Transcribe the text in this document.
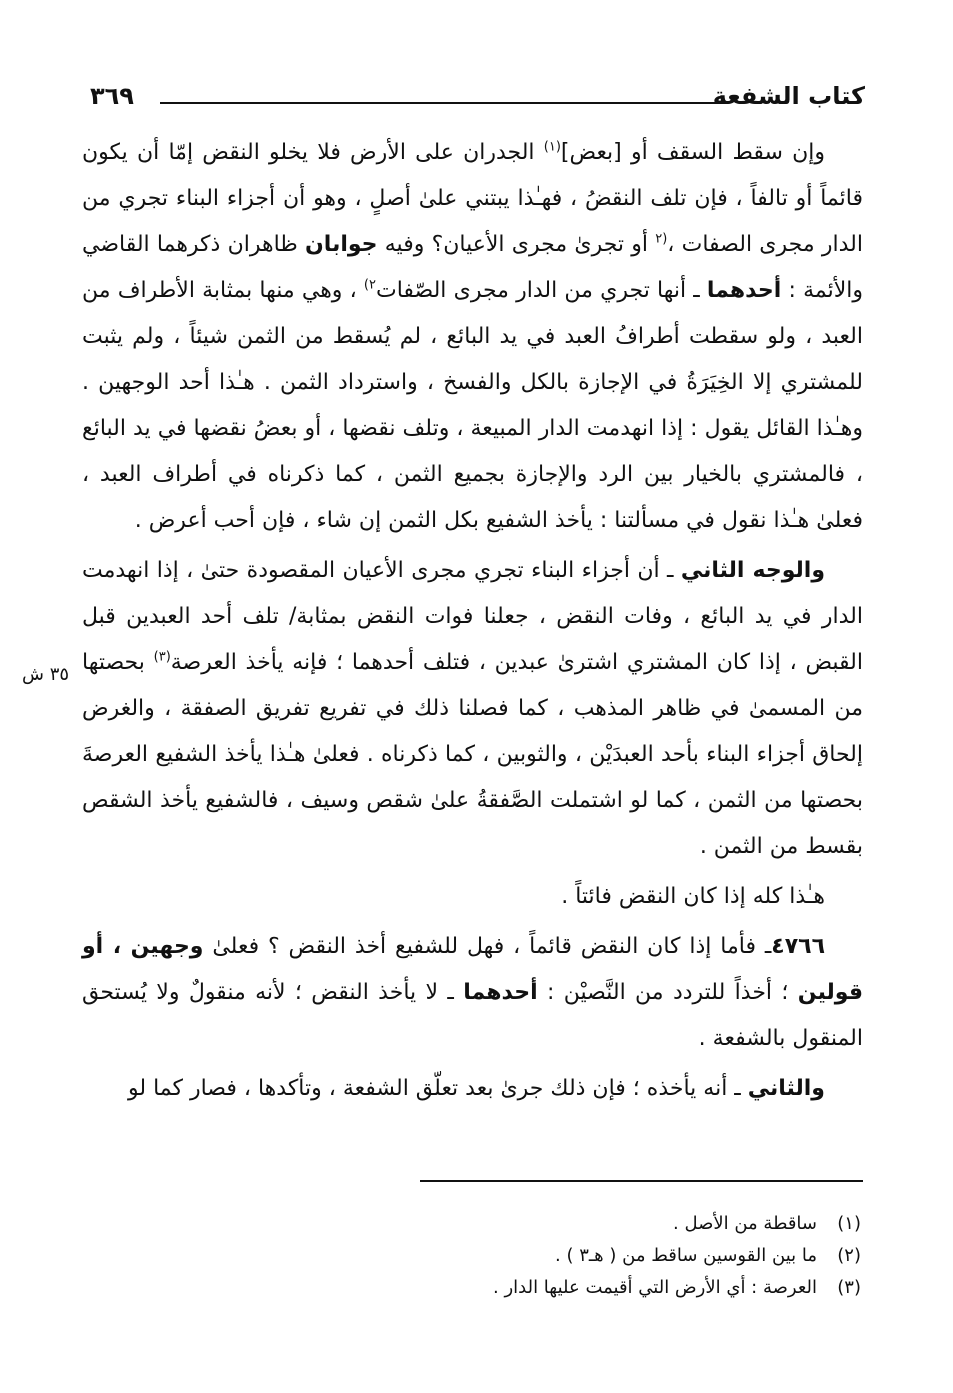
كتاب الشفعة
٣٦٩
٣٥ ش

وإن سقط السقف أو [بعض]$^{(١)}$ الجدران على الأرض فلا يخلو النقض إمّا أن يكون قائماً أو تالفاً ، فإن تلف النقضُ ، فهـٰذا يبتني علىٰ أصلٍ ، وهو أن أجزاء البناء تجري من الدار مجرى الصفات ،$^{(٢}$ أو تجرىٰ مجرى الأعيان؟ وفيه جوابان ظاهران ذكرهما القاضي والأئمة : أحدهما ـ أنها تجري من الدار مجرى الصّفات$^{٢)}$ ، وهي منها بمثابة الأطراف من العبد ، ولو سقطت أطرافُ العبد في يد البائع ، لم يُسقط من الثمن شيئاً ، ولم يثبت للمشتري إلا الخِيَرَةُ في الإجازة بالكل والفسخ ، واسترداد الثمن . هـٰذا أحد الوجهين . وهـٰذا القائل يقول : إذا انهدمت الدار المبيعة ، وتلف نقضها ، أو بعضُ نقضها في يد البائع ، فالمشتري بالخيار بين الرد والإجازة بجميع الثمن ، كما ذكرناه في أطراف العبد ، فعلىٰ هـٰذا نقول في مسألتنا : يأخذ الشفيع بكل الثمن إن شاء ، فإن أحب أعرض .

والوجه الثاني ـ أن أجزاء البناء تجري مجرى الأعيان المقصودة حتىٰ ، إذا انهدمت الدار في يد البائع ، وفات النقض ، جعلنا فوات النقض بمثابة/ تلف أحد العبدين قبل القبض ، إذا كان المشتري اشترىٰ عبدين ، فتلف أحدهما ؛ فإنه يأخذ العرصة$^{(٣)}$ بحصتها من المسمىٰ في ظاهر المذهب ، كما فصلنا ذلك في تفريع تفريق الصفقة ، والغرض إلحاق أجزاء البناء بأحد العبدَيْن ، والثوبين ، كما ذكرناه . فعلىٰ هـٰذا يأخذ الشفيع العرصةَ بحصتها من الثمن ، كما لو اشتملت الصَّفقةُ علىٰ شقص وسيف ، فالشفيع يأخذ الشقص بقسط من الثمن .

هـٰذا كله إذا كان النقض فائتاً .

٤٧٦٦ـ فأما إذا كان النقض قائماً ، فهل للشفيع أخذ النقض ؟ فعلىٰ وجهين ، أو قولين ؛ أخذاً للتردد من النَّصيْن : أحدهما ـ لا يأخذ النقض ؛ لأنه منقولٌ ولا يُستحق المنقول بالشفعة .

والثاني ـ أنه يأخذه ؛ فإن ذلك جرىٰ بعد تعلّق الشفعة ، وتأكدها ، فصار كما لو

(١)ساقطة من الأصل .
(٢)ما بين القوسين ساقط من ( هـ٣ ) .
(٣)العرصة : أي الأرض التي أقيمت عليها الدار .
